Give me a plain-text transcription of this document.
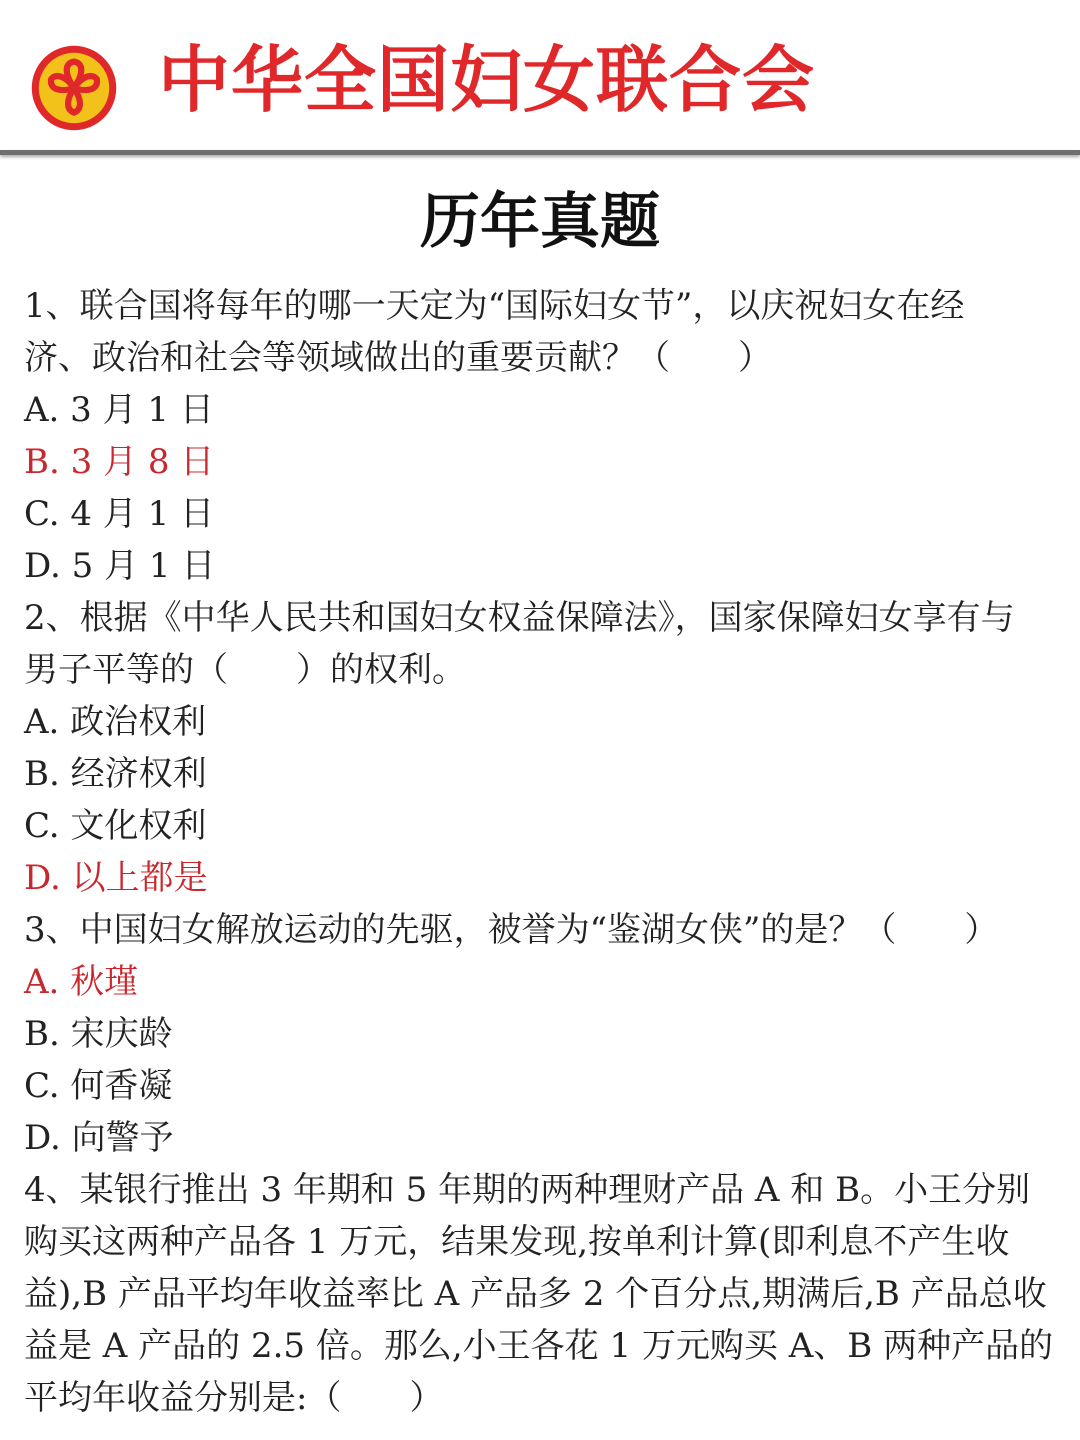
中华全国妇女联合会
历年真题
1、联合国将每年的哪一天定为“国际妇女节”，以庆祝妇女在经
济、政治和社会等领域做出的重要贡献？（　　）
A. 3 月 1 日
B. 3 月 8 日
C. 4 月 1 日
D. 5 月 1 日
2、根据《中华人民共和国妇女权益保障法》，国家保障妇女享有与
男子平等的（　　）的权利。
A. 政治权利
B. 经济权利
C. 文化权利
D. 以上都是
3、中国妇女解放运动的先驱，被誉为“鉴湖女侠”的是？（　　）
A. 秋瑾
B. 宋庆龄
C. 何香凝
D. 向警予
4、某银行推出 3 年期和 5 年期的两种理财产品 A 和 B。小王分别
购买这两种产品各 1 万元，结果发现,按单利计算(即利息不产生收
益),B 产品平均年收益率比 A 产品多 2 个百分点,期满后,B 产品总收
益是 A 产品的 2.5 倍。那么,小王各花 1 万元购买 A、B 两种产品的
平均年收益分别是:（　　）
